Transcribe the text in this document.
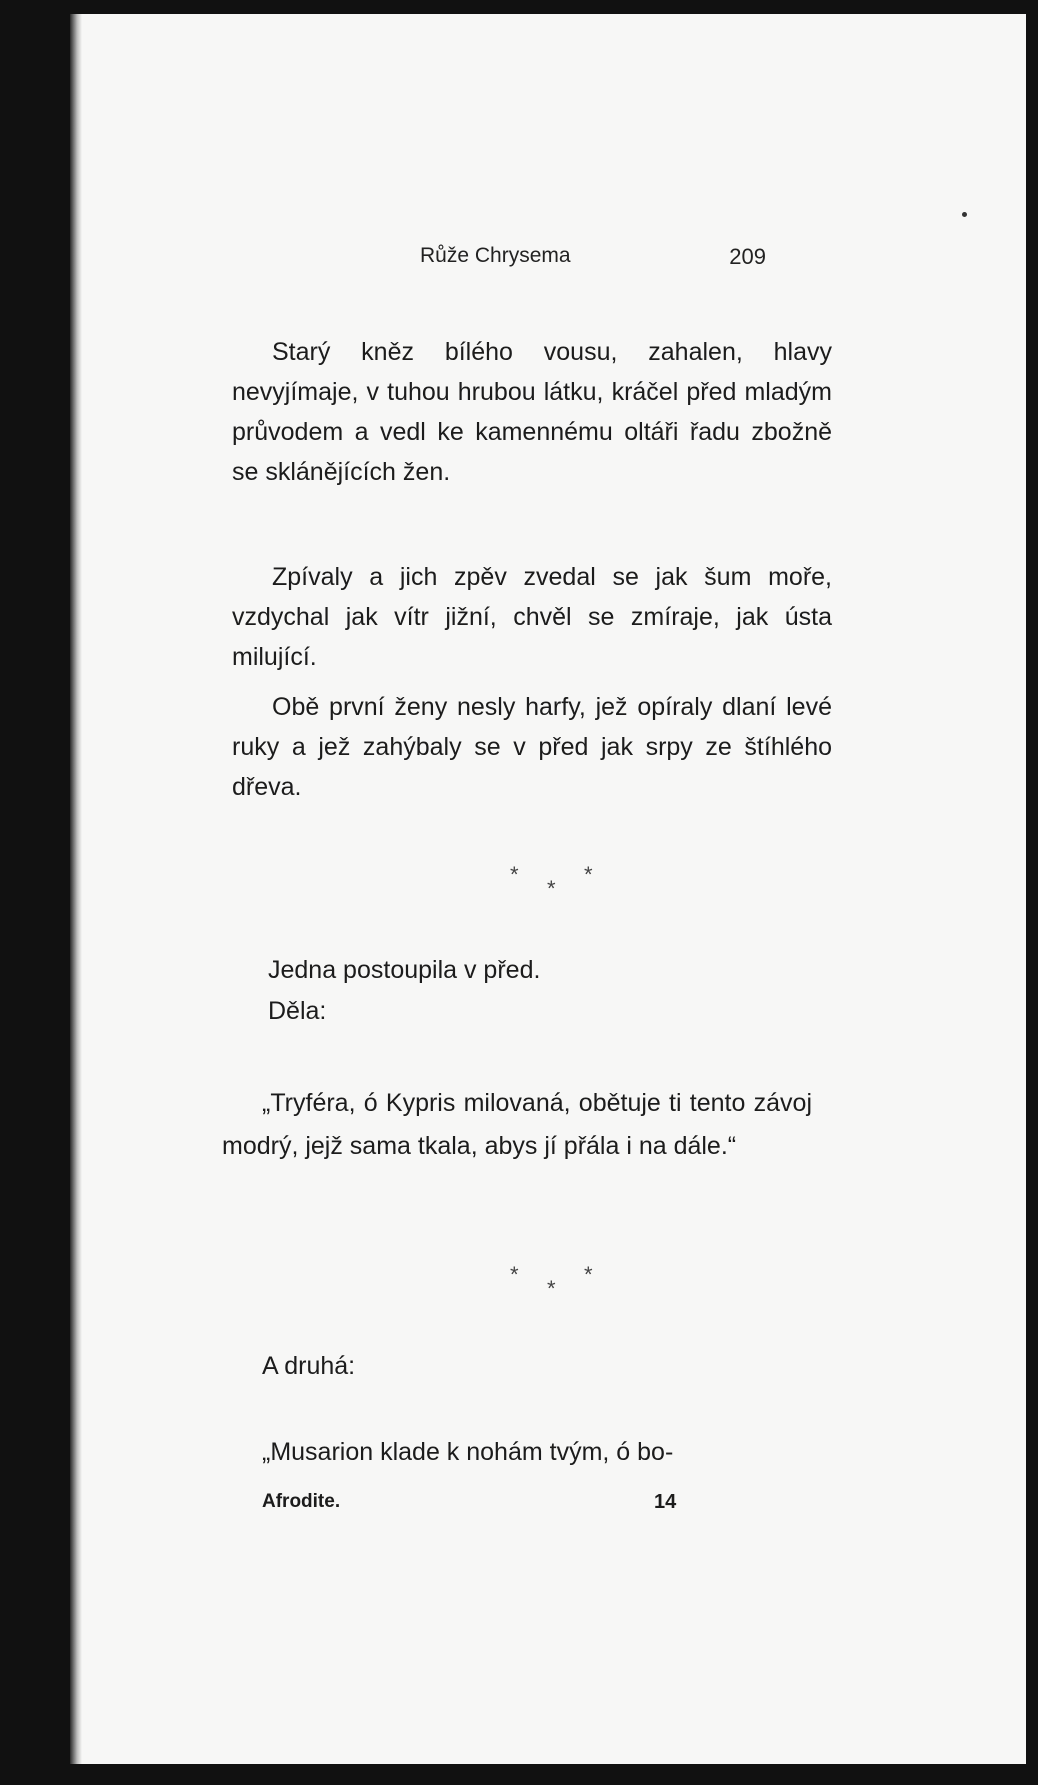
Růže Chrysema	209

Starý kněz bílého vousu, zahalen, hlavy nevyjímaje, v tuhou hrubou látku, kráčel před mladým průvodem a vedl ke kamennému oltáři řadu zbožně se sklánějících žen.

Zpívaly a jich zpěv zvedal se jak šum moře, vzdychal jak vítr jižní, chvěl se zmíraje, jak ústa milující.

Obě první ženy nesly harfy, jež opíraly dlaní levé ruky a jež zahýbaly se v před jak srpy ze štíhlého dřeva.

*
*
*

Jedna postoupila v před.

Děla:

„Tryféra, ó Kypris milovaná, obětuje ti tento závoj modrý, jejž sama tkala, abys jí přála i na dále.“

*
*
*

A druhá:

„Musarion klade k nohám tvým, ó bo-

Afrodite.	14
